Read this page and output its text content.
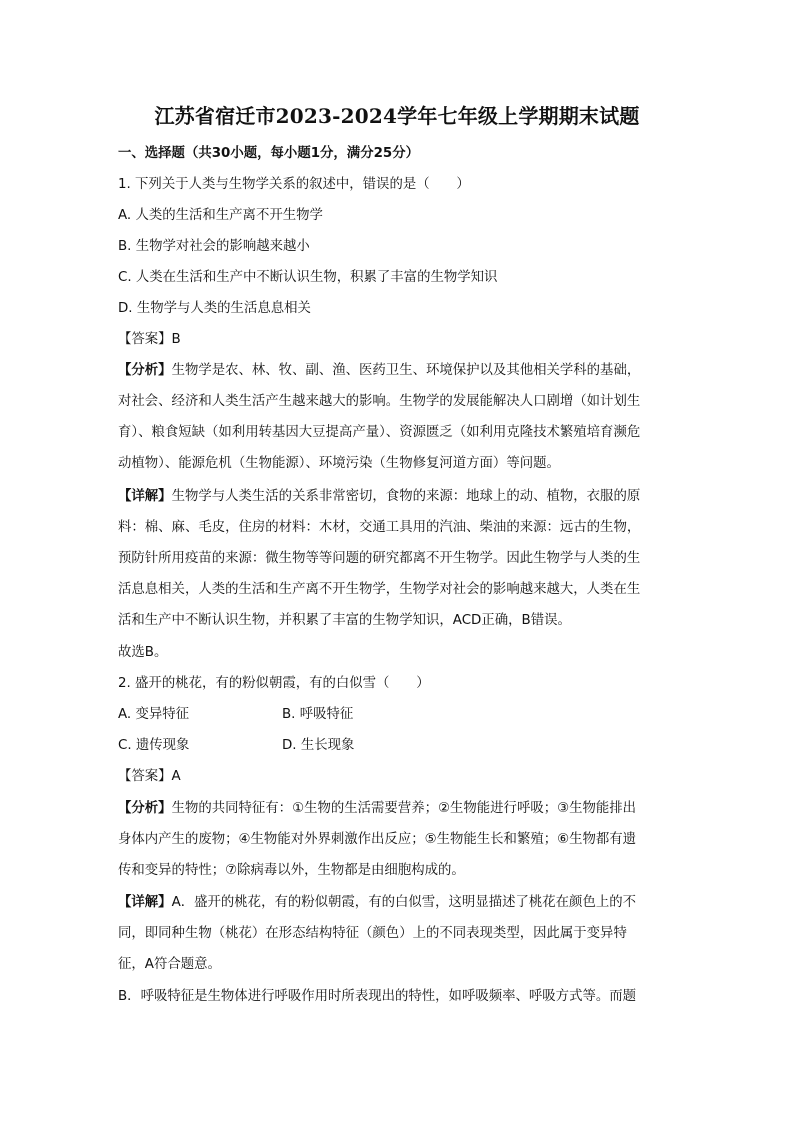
江苏省宿迁市2023-2024学年七年级上学期期末试题
一、选择题（共30小题，每小题1分，满分25分）
1. 下列关于人类与生物学关系的叙述中，错误的是（　　）
A. 人类的生活和生产离不开生物学
B. 生物学对社会的影响越来越小
C. 人类在生活和生产中不断认识生物，积累了丰富的生物学知识
D. 生物学与人类的生活息息相关
【答案】B
【分析】生物学是农、林、牧、副、渔、医药卫生、环境保护以及其他相关学科的基础，
对社会、经济和人类生活产生越来越大的影响。生物学的发展能解决人口剧增（如计划生
育）、粮食短缺（如利用转基因大豆提高产量）、资源匮乏（如利用克隆技术繁殖培育濒危
动植物）、能源危机（生物能源）、环境污染（生物修复河道方面）等问题。
【详解】生物学与人类生活的关系非常密切，食物的来源：地球上的动、植物，衣服的原
料：棉、麻、毛皮，住房的材料：木材，交通工具用的汽油、柴油的来源：远古的生物，
预防针所用疫苗的来源：微生物等等问题的研究都离不开生物学。因此生物学与人类的生
活息息相关，人类的生活和生产离不开生物学，生物学对社会的影响越来越大，人类在生
活和生产中不断认识生物，并积累了丰富的生物学知识，ACD正确，B错误。
故选B。
2. 盛开的桃花，有的粉似朝霞，有的白似雪（　　）
A. 变异特征	B. 呼吸特征
C. 遗传现象	D. 生长现象
【答案】A
【分析】生物的共同特征有：①生物的生活需要营养；②生物能进行呼吸；③生物能排出
身体内产生的废物；④生物能对外界刺激作出反应；⑤生物能生长和繁殖；⑥生物都有遗
传和变异的特性；⑦除病毒以外，生物都是由细胞构成的。
【详解】A．盛开的桃花，有的粉似朝霞，有的白似雪，这明显描述了桃花在颜色上的不
同，即同种生物（桃花）在形态结构特征（颜色）上的不同表现类型，因此属于变异特
征，A符合题意。
B．呼吸特征是生物体进行呼吸作用时所表现出的特性，如呼吸频率、呼吸方式等。而题
